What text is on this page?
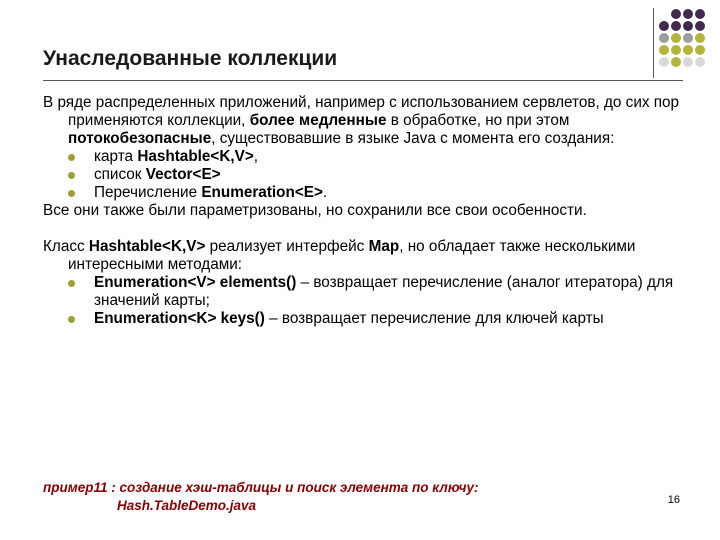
Унаследованные коллекции

В ряде распределенных приложений, например с использованием сервлетов, до сих пор применяются коллекции, более медленные в обработке, но при этом потокобезопасные, существовавшие в языке Java с момента его создания:

карта Hashtable<K,V>,
список Vector<E>
Перечисление Enumeration<E>.

Все они также были параметризованы, но сохранили все свои особенности.

Класс Hashtable<K,V> реализует интерфейс Map, но обладает также несколькими интересными методами:

Enumeration<V> elements() – возвращает перечисление (аналог итератора) для значений карты;
Enumeration<K> keys() – возвращает перечисление для ключей карты
пример11 : создание хэш-таблицы и поиск элемента по ключу:
Hash.TableDemo.java	16
